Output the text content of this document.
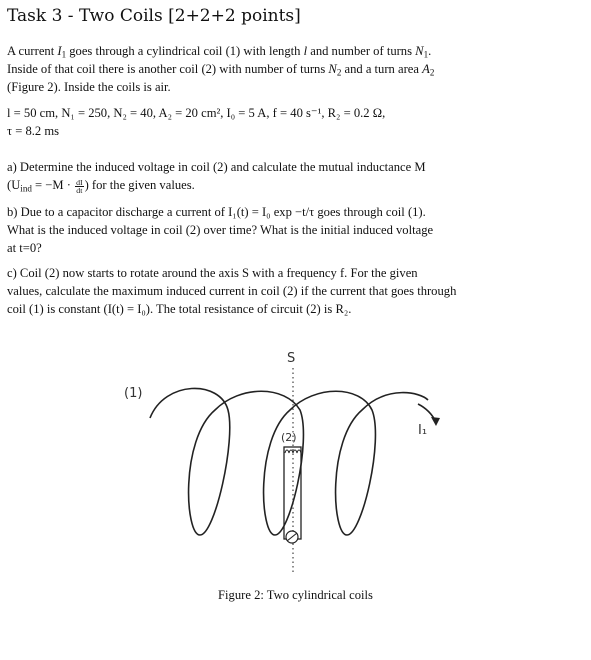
Task 3 - Two Coils [2+2+2 points]
A current $I_1$ goes through a cylindrical coil (1) with length l and number of turns $N_1$.
Inside of that coil there is another coil (2) with number of turns $N_2$ and a turn area $A_2$
(Figure 2). Inside the coils is air.
l = 50 cm, N₁ = 250, N₂ = 40, A₂ = 20 cm², I₀ = 5 A, f = 40 s⁻¹, R₂ = 0.2 Ω,
τ = 8.2 ms
a) Determine the induced voltage in coil (2) and calculate the mutual inductance M
($U_{ind} = -M \cdot \frac{dI}{dt}$ ) for the given values.
b) Due to a capacitor discharge a current of I₁(t) = I₀ exp −t/τ goes through coil (1).
What is the induced voltage in coil (2) over time? What is the initial induced voltage
at t=0?
c) Coil (2) now starts to rotate around the axis S with a frequency f. For the given
values, calculate the maximum induced current in coil (2) if the current that goes through
coil (1) is constant (I(t) = I₀). The total resistance of circuit (2) is R₂.
S
(1)
I₁
(2)
Figure 2: Two cylindrical coils
